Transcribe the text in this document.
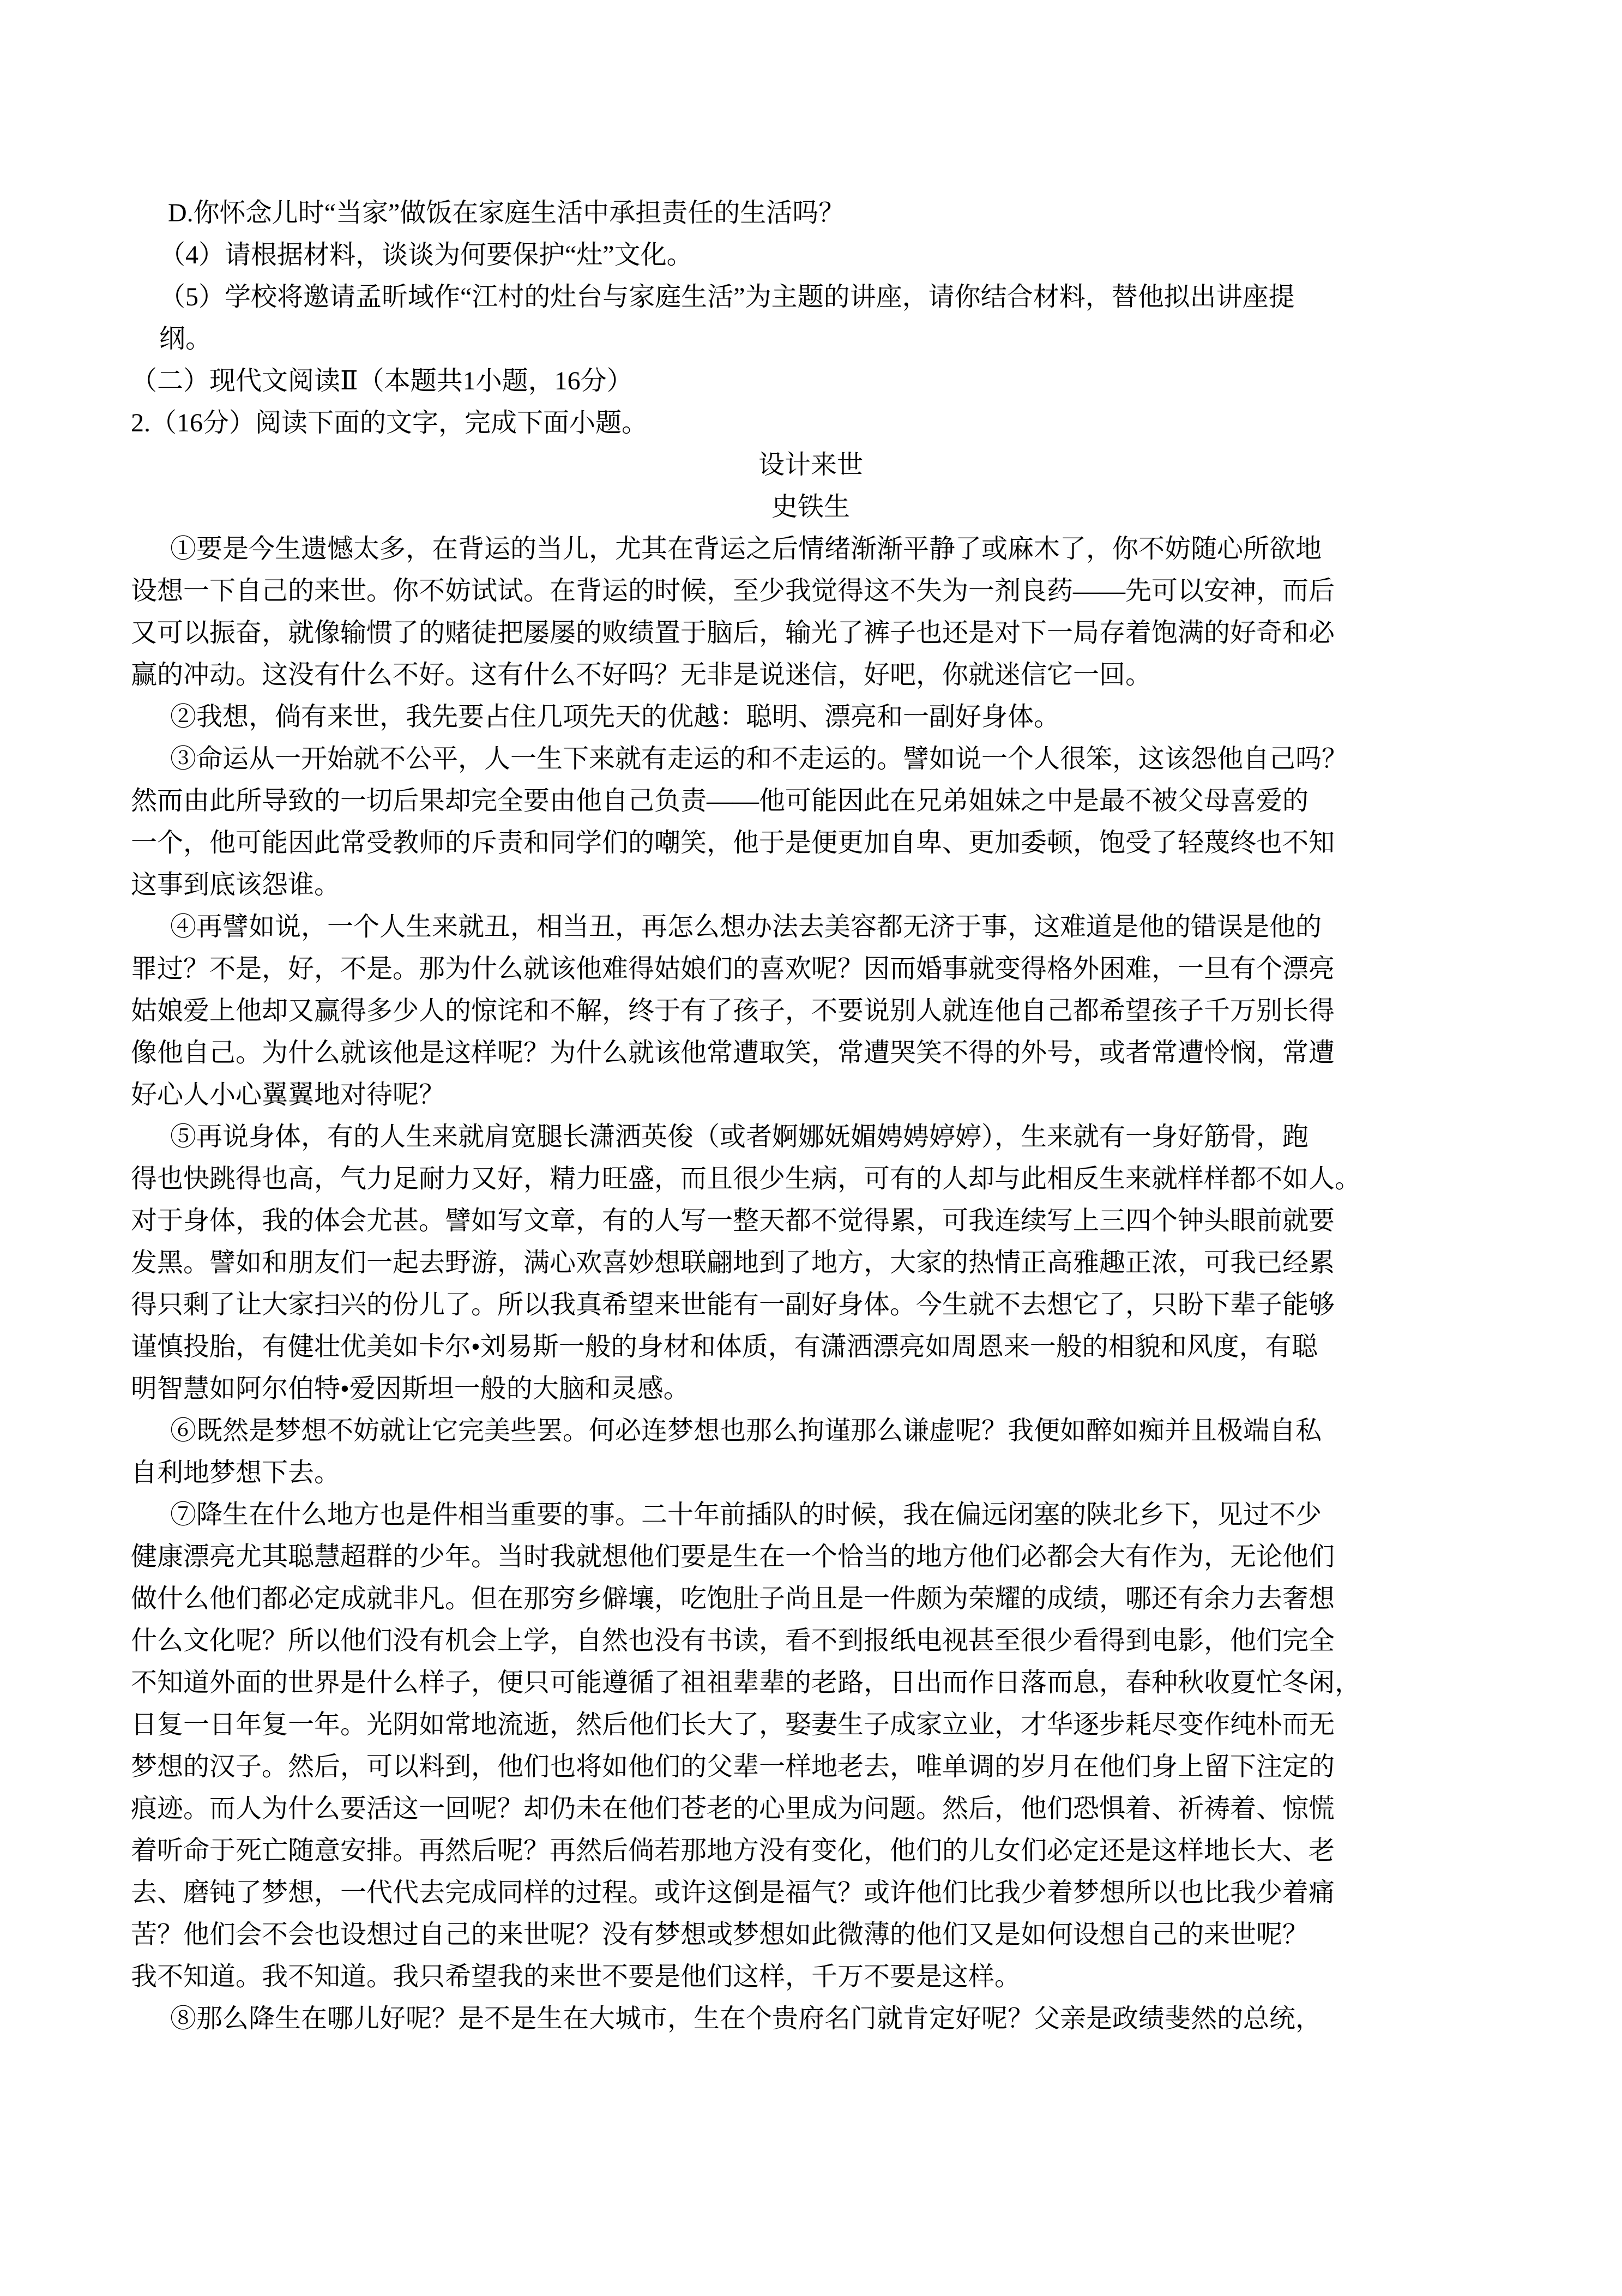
D.你怀念儿时“当家”做饭在家庭生活中承担责任的生活吗？
（4）请根据材料，谈谈为何要保护“灶”文化。
（5）学校将邀请孟昕域作“江村的灶台与家庭生活”为主题的讲座，请你结合材料，替他拟出讲座提
纲。
（二）现代文阅读Ⅱ（本题共1小题，16分）
2.（16分）阅读下面的文字，完成下面小题。
设计来世
史铁生
①要是今生遗憾太多，在背运的当儿，尤其在背运之后情绪渐渐平静了或麻木了，你不妨随心所欲地
设想一下自己的来世。你不妨试试。在背运的时候，至少我觉得这不失为一剂良药——先可以安神，而后
又可以振奋，就像输惯了的赌徒把屡屡的败绩置于脑后，输光了裤子也还是对下一局存着饱满的好奇和必
赢的冲动。这没有什么不好。这有什么不好吗？无非是说迷信，好吧，你就迷信它一回。
②我想，倘有来世，我先要占住几项先天的优越：聪明、漂亮和一副好身体。
③命运从一开始就不公平，人一生下来就有走运的和不走运的。譬如说一个人很笨，这该怨他自己吗？
然而由此所导致的一切后果却完全要由他自己负责——他可能因此在兄弟姐妹之中是最不被父母喜爱的
一个，他可能因此常受教师的斥责和同学们的嘲笑，他于是便更加自卑、更加委顿，饱受了轻蔑终也不知
这事到底该怨谁。
④再譬如说，一个人生来就丑，相当丑，再怎么想办法去美容都无济于事，这难道是他的错误是他的
罪过？不是，好，不是。那为什么就该他难得姑娘们的喜欢呢？因而婚事就变得格外困难，一旦有个漂亮
姑娘爱上他却又赢得多少人的惊诧和不解，终于有了孩子，不要说别人就连他自己都希望孩子千万别长得
像他自己。为什么就该他是这样呢？为什么就该他常遭取笑，常遭哭笑不得的外号，或者常遭怜悯，常遭
好心人小心翼翼地对待呢？
⑤再说身体，有的人生来就肩宽腿长潇洒英俊（或者婀娜妩媚娉娉婷婷），生来就有一身好筋骨，跑
得也快跳得也高，气力足耐力又好，精力旺盛，而且很少生病，可有的人却与此相反生来就样样都不如人。
对于身体，我的体会尤甚。譬如写文章，有的人写一整天都不觉得累，可我连续写上三四个钟头眼前就要
发黑。譬如和朋友们一起去野游，满心欢喜妙想联翩地到了地方，大家的热情正高雅趣正浓，可我已经累
得只剩了让大家扫兴的份儿了。所以我真希望来世能有一副好身体。今生就不去想它了，只盼下辈子能够
谨慎投胎，有健壮优美如卡尔•刘易斯一般的身材和体质，有潇洒漂亮如周恩来一般的相貌和风度，有聪
明智慧如阿尔伯特•爱因斯坦一般的大脑和灵感。
⑥既然是梦想不妨就让它完美些罢。何必连梦想也那么拘谨那么谦虚呢？我便如醉如痴并且极端自私
自利地梦想下去。
⑦降生在什么地方也是件相当重要的事。二十年前插队的时候，我在偏远闭塞的陕北乡下，见过不少
健康漂亮尤其聪慧超群的少年。当时我就想他们要是生在一个恰当的地方他们必都会大有作为，无论他们
做什么他们都必定成就非凡。但在那穷乡僻壤，吃饱肚子尚且是一件颇为荣耀的成绩，哪还有余力去奢想
什么文化呢？所以他们没有机会上学，自然也没有书读，看不到报纸电视甚至很少看得到电影，他们完全
不知道外面的世界是什么样子，便只可能遵循了祖祖辈辈的老路，日出而作日落而息，春种秋收夏忙冬闲，
日复一日年复一年。光阴如常地流逝，然后他们长大了，娶妻生子成家立业，才华逐步耗尽变作纯朴而无
梦想的汉子。然后，可以料到，他们也将如他们的父辈一样地老去，唯单调的岁月在他们身上留下注定的
痕迹。而人为什么要活这一回呢？却仍未在他们苍老的心里成为问题。然后，他们恐惧着、祈祷着、惊慌
着听命于死亡随意安排。再然后呢？再然后倘若那地方没有变化，他们的儿女们必定还是这样地长大、老
去、磨钝了梦想，一代代去完成同样的过程。或许这倒是福气？或许他们比我少着梦想所以也比我少着痛
苦？他们会不会也设想过自己的来世呢？没有梦想或梦想如此微薄的他们又是如何设想自己的来世呢？
我不知道。我不知道。我只希望我的来世不要是他们这样，千万不要是这样。
⑧那么降生在哪儿好呢？是不是生在大城市，生在个贵府名门就肯定好呢？父亲是政绩斐然的总统，
